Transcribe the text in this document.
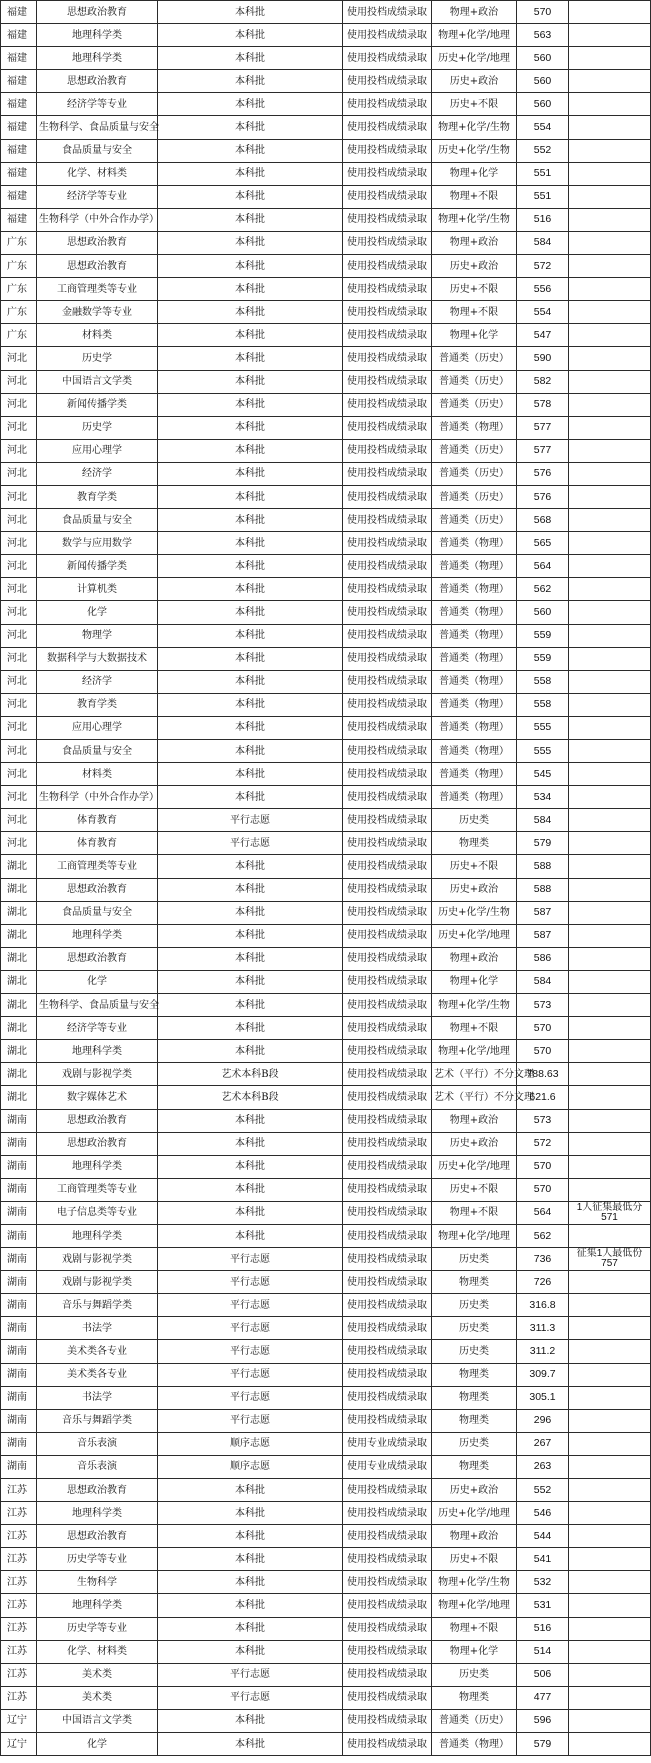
福建	思想政治教育	本科批	使用投档成绩录取	物理+政治	570	
福建	地理科学类	本科批	使用投档成绩录取	物理+化学/地理	563	
福建	地理科学类	本科批	使用投档成绩录取	历史+化学/地理	560	
福建	思想政治教育	本科批	使用投档成绩录取	历史+政治	560	
福建	经济学等专业	本科批	使用投档成绩录取	历史+不限	560	
福建	生物科学、食品质量与安全	本科批	使用投档成绩录取	物理+化学/生物	554	
福建	食品质量与安全	本科批	使用投档成绩录取	历史+化学/生物	552	
福建	化学、材料类	本科批	使用投档成绩录取	物理+化学	551	
福建	经济学等专业	本科批	使用投档成绩录取	物理+不限	551	
福建	生物科学（中外合作办学）	本科批	使用投档成绩录取	物理+化学/生物	516	
广东	思想政治教育	本科批	使用投档成绩录取	物理+政治	584	
广东	思想政治教育	本科批	使用投档成绩录取	历史+政治	572	
广东	工商管理类等专业	本科批	使用投档成绩录取	历史+不限	556	
广东	金融数学等专业	本科批	使用投档成绩录取	物理+不限	554	
广东	材料类	本科批	使用投档成绩录取	物理+化学	547	
河北	历史学	本科批	使用投档成绩录取	普通类（历史）	590	
河北	中国语言文学类	本科批	使用投档成绩录取	普通类（历史）	582	
河北	新闻传播学类	本科批	使用投档成绩录取	普通类（历史）	578	
河北	历史学	本科批	使用投档成绩录取	普通类（物理）	577	
河北	应用心理学	本科批	使用投档成绩录取	普通类（历史）	577	
河北	经济学	本科批	使用投档成绩录取	普通类（历史）	576	
河北	教育学类	本科批	使用投档成绩录取	普通类（历史）	576	
河北	食品质量与安全	本科批	使用投档成绩录取	普通类（历史）	568	
河北	数学与应用数学	本科批	使用投档成绩录取	普通类（物理）	565	
河北	新闻传播学类	本科批	使用投档成绩录取	普通类（物理）	564	
河北	计算机类	本科批	使用投档成绩录取	普通类（物理）	562	
河北	化学	本科批	使用投档成绩录取	普通类（物理）	560	
河北	物理学	本科批	使用投档成绩录取	普通类（物理）	559	
河北	数据科学与大数据技术	本科批	使用投档成绩录取	普通类（物理）	559	
河北	经济学	本科批	使用投档成绩录取	普通类（物理）	558	
河北	教育学类	本科批	使用投档成绩录取	普通类（物理）	558	
河北	应用心理学	本科批	使用投档成绩录取	普通类（物理）	555	
河北	食品质量与安全	本科批	使用投档成绩录取	普通类（物理）	555	
河北	材料类	本科批	使用投档成绩录取	普通类（物理）	545	
河北	生物科学（中外合作办学）	本科批	使用投档成绩录取	普通类（物理）	534	
河北	体育教育	平行志愿	使用投档成绩录取	历史类	584	
河北	体育教育	平行志愿	使用投档成绩录取	物理类	579	
湖北	工商管理类等专业	本科批	使用投档成绩录取	历史+不限	588	
湖北	思想政治教育	本科批	使用投档成绩录取	历史+政治	588	
湖北	食品质量与安全	本科批	使用投档成绩录取	历史+化学/生物	587	
湖北	地理科学类	本科批	使用投档成绩录取	历史+化学/地理	587	
湖北	思想政治教育	本科批	使用投档成绩录取	物理+政治	586	
湖北	化学	本科批	使用投档成绩录取	物理+化学	584	
湖北	生物科学、食品质量与安全	本科批	使用投档成绩录取	物理+化学/生物	573	
湖北	经济学等专业	本科批	使用投档成绩录取	物理+不限	570	
湖北	地理科学类	本科批	使用投档成绩录取	物理+化学/地理	570	
湖北	戏剧与影视学类	艺术本科B段	使用投档成绩录取	艺术（平行）不分文理	788.63	
湖北	数字媒体艺术	艺术本科B段	使用投档成绩录取	艺术（平行）不分文理	621.6	
湖南	思想政治教育	本科批	使用投档成绩录取	物理+政治	573	
湖南	思想政治教育	本科批	使用投档成绩录取	历史+政治	572	
湖南	地理科学类	本科批	使用投档成绩录取	历史+化学/地理	570	
湖南	工商管理类等专业	本科批	使用投档成绩录取	历史+不限	570	
湖南	电子信息类等专业	本科批	使用投档成绩录取	物理+不限	564	1人征集最低分571
湖南	地理科学类	本科批	使用投档成绩录取	物理+化学/地理	562	
湖南	戏剧与影视学类	平行志愿	使用投档成绩录取	历史类	736	征集1人最低份757
湖南	戏剧与影视学类	平行志愿	使用投档成绩录取	物理类	726	
湖南	音乐与舞蹈学类	平行志愿	使用投档成绩录取	历史类	316.8	
湖南	书法学	平行志愿	使用投档成绩录取	历史类	311.3	
湖南	美术类各专业	平行志愿	使用投档成绩录取	历史类	311.2	
湖南	美术类各专业	平行志愿	使用投档成绩录取	物理类	309.7	
湖南	书法学	平行志愿	使用投档成绩录取	物理类	305.1	
湖南	音乐与舞蹈学类	平行志愿	使用投档成绩录取	物理类	296	
湖南	音乐表演	顺序志愿	使用专业成绩录取	历史类	267	
湖南	音乐表演	顺序志愿	使用专业成绩录取	物理类	263	
江苏	思想政治教育	本科批	使用投档成绩录取	历史+政治	552	
江苏	地理科学类	本科批	使用投档成绩录取	历史+化学/地理	546	
江苏	思想政治教育	本科批	使用投档成绩录取	物理+政治	544	
江苏	历史学等专业	本科批	使用投档成绩录取	历史+不限	541	
江苏	生物科学	本科批	使用投档成绩录取	物理+化学/生物	532	
江苏	地理科学类	本科批	使用投档成绩录取	物理+化学/地理	531	
江苏	历史学等专业	本科批	使用投档成绩录取	物理+不限	516	
江苏	化学、材料类	本科批	使用投档成绩录取	物理+化学	514	
江苏	美术类	平行志愿	使用投档成绩录取	历史类	506	
江苏	美术类	平行志愿	使用投档成绩录取	物理类	477	
辽宁	中国语言文学类	本科批	使用投档成绩录取	普通类（历史）	596	
辽宁	化学	本科批	使用投档成绩录取	普通类（物理）	579	
